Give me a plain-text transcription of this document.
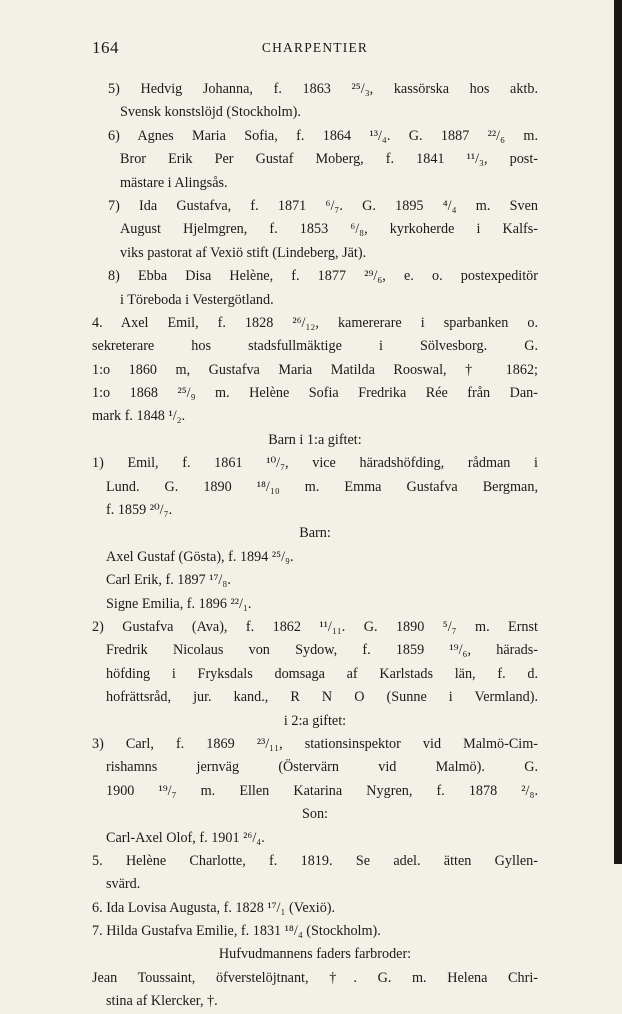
164	CHARPENTIER
5) Hedvig Johanna, f. 1863 ²⁵/₃, kassörska hos aktb.
Svensk konstslöjd (Stockholm).
6) Agnes Maria Sofia, f. 1864 ¹³/₄. G. 1887 ²²/₆ m.
Bror Erik Per Gustaf Moberg, f. 1841 ¹¹/₃, post-
mästare i Alingsås.
7) Ida Gustafva, f. 1871 ⁶/₇. G. 1895 ⁴/₄ m. Sven
August Hjelmgren, f. 1853 ⁶/₈, kyrkoherde i Kalfs-
viks pastorat af Vexiö stift (Lindeberg, Jät).
8) Ebba Disa Helène, f. 1877 ²⁹/₆, e. o. postexpeditör
i Töreboda i Vestergötland.
4. Axel Emil, f. 1828 ²⁶/₁₂, kamererare i sparbanken o.
sekreterare hos stadsfullmäktige i Sölvesborg. G.
1:o 1860 m, Gustafva Maria Matilda Rooswal, † 1862;
1:o 1868 ²⁵/₉ m. Helène Sofia Fredrika Rée från Dan-
mark f. 1848 ¹/₂.
Barn i 1:a giftet:
1) Emil, f. 1861 ¹⁰/₇, vice häradshöfding, rådman i
Lund. G. 1890 ¹⁸/₁₀ m. Emma Gustafva Bergman,
f. 1859 ²⁰/₇.
Barn:
Axel Gustaf (Gösta), f. 1894 ²⁵/₉.
Carl Erik, f. 1897 ¹⁷/₈.
Signe Emilia, f. 1896 ²²/₁.
2) Gustafva (Ava), f. 1862 ¹¹/₁₁. G. 1890 ⁵/₇ m. Ernst
Fredrik Nicolaus von Sydow, f. 1859 ¹⁹/₆, härads-
höfding i Fryksdals domsaga af Karlstads län, f. d.
hofrättsråd, jur. kand., R N O (Sunne i Vermland).
i 2:a giftet:
3) Carl, f. 1869 ²³/₁₁, stationsinspektor vid Malmö-Cim-
rishamns jernväg (Östervärn vid Malmö). G.
1900 ¹⁹/₇ m. Ellen Katarina Nygren, f. 1878 ²/₈.
Son:
Carl-Axel Olof, f. 1901 ²⁶/₄.
5. Helène Charlotte, f. 1819. Se adel. ätten Gyllen-
svärd.
6. Ida Lovisa Augusta, f. 1828 ¹⁷/₁ (Vexiö).
7. Hilda Gustafva Emilie, f. 1831 ¹⁸/₄ (Stockholm).
Hufvudmannens faders farbroder:
Jean Toussaint, öfverstelöjtnant, †. G. m. Helena Chri-
stina af Klercker, †.
